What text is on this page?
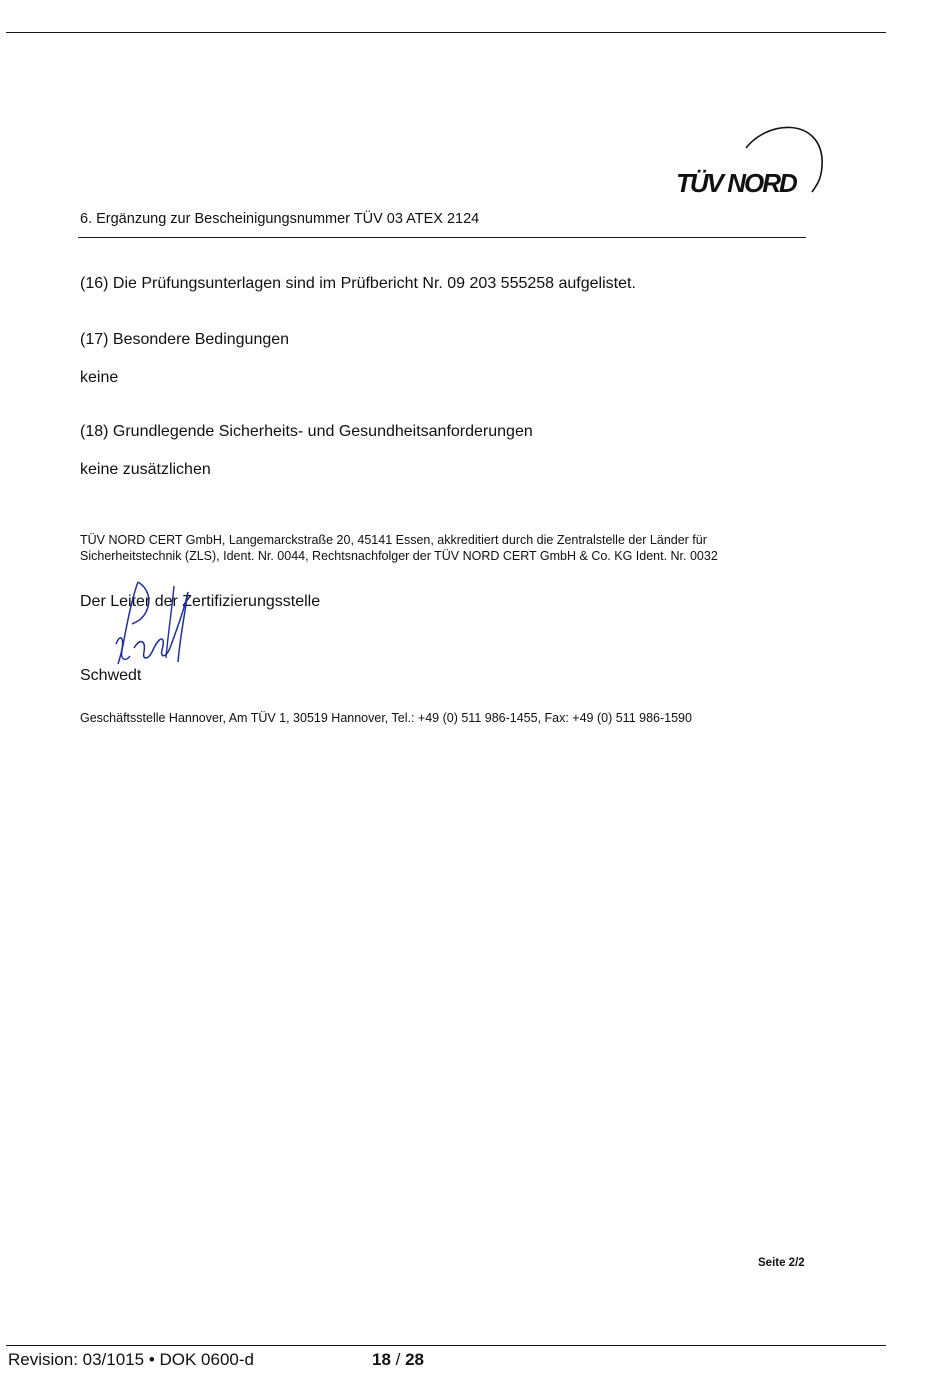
TÜV NORD
6. Ergänzung zur Bescheinigungsnummer TÜV 03 ATEX 2124
(16) Die Prüfungsunterlagen sind im Prüfbericht Nr. 09 203 555258 aufgelistet.
(17) Besondere Bedingungen
keine
(18) Grundlegende Sicherheits- und Gesundheitsanforderungen
keine zusätzlichen
TÜV NORD CERT GmbH, Langemarckstraße 20, 45141 Essen, akkreditiert durch die Zentralstelle der Länder für
Sicherheitstechnik (ZLS), Ident. Nr. 0044, Rechtsnachfolger der TÜV NORD CERT GmbH & Co. KG Ident. Nr. 0032
Der Leiter der Zertifizierungsstelle
Schwedt
Geschäftsstelle Hannover, Am TÜV 1, 30519 Hannover, Tel.: +49 (0) 511 986-1455, Fax: +49 (0) 511 986-1590
Seite 2/2
Revision: 03/1015 • DOK 0600-d	18 / 28
